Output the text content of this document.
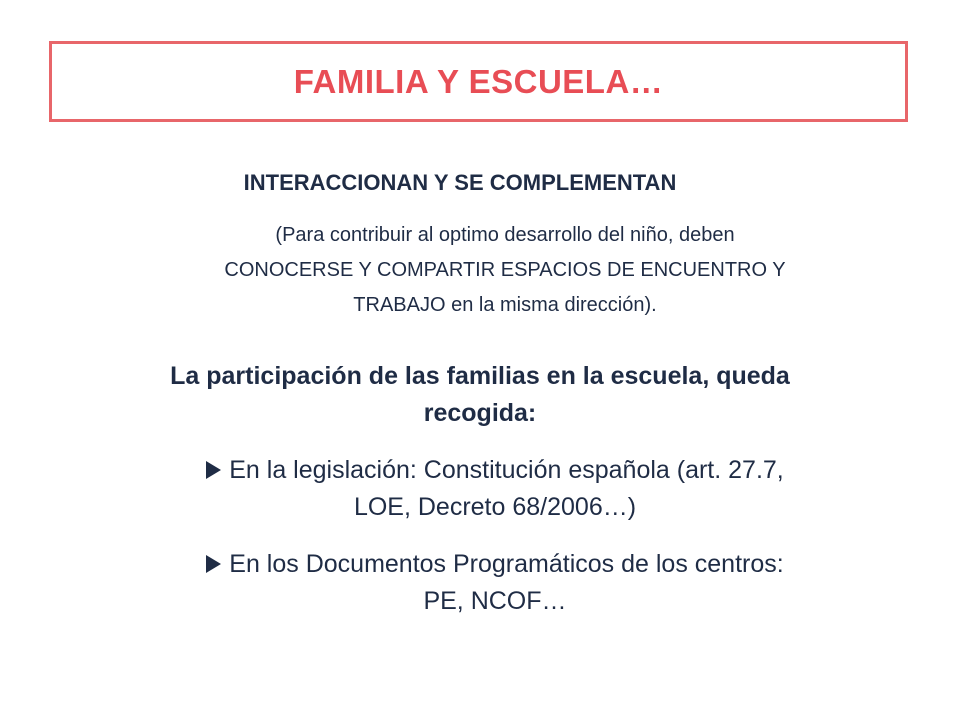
FAMILIA Y ESCUELA…
INTERACCIONAN Y SE COMPLEMENTAN
(Para contribuir al optimo desarrollo del niño, deben
CONOCERSE Y COMPARTIR ESPACIOS DE ENCUENTRO Y
TRABAJO en la misma dirección).
La participación de las familias en la escuela, queda
recogida:
En la legislación: Constitución española (art. 27.7,
LOE, Decreto 68/2006…)
En los Documentos Programáticos de los centros:
PE, NCOF…
